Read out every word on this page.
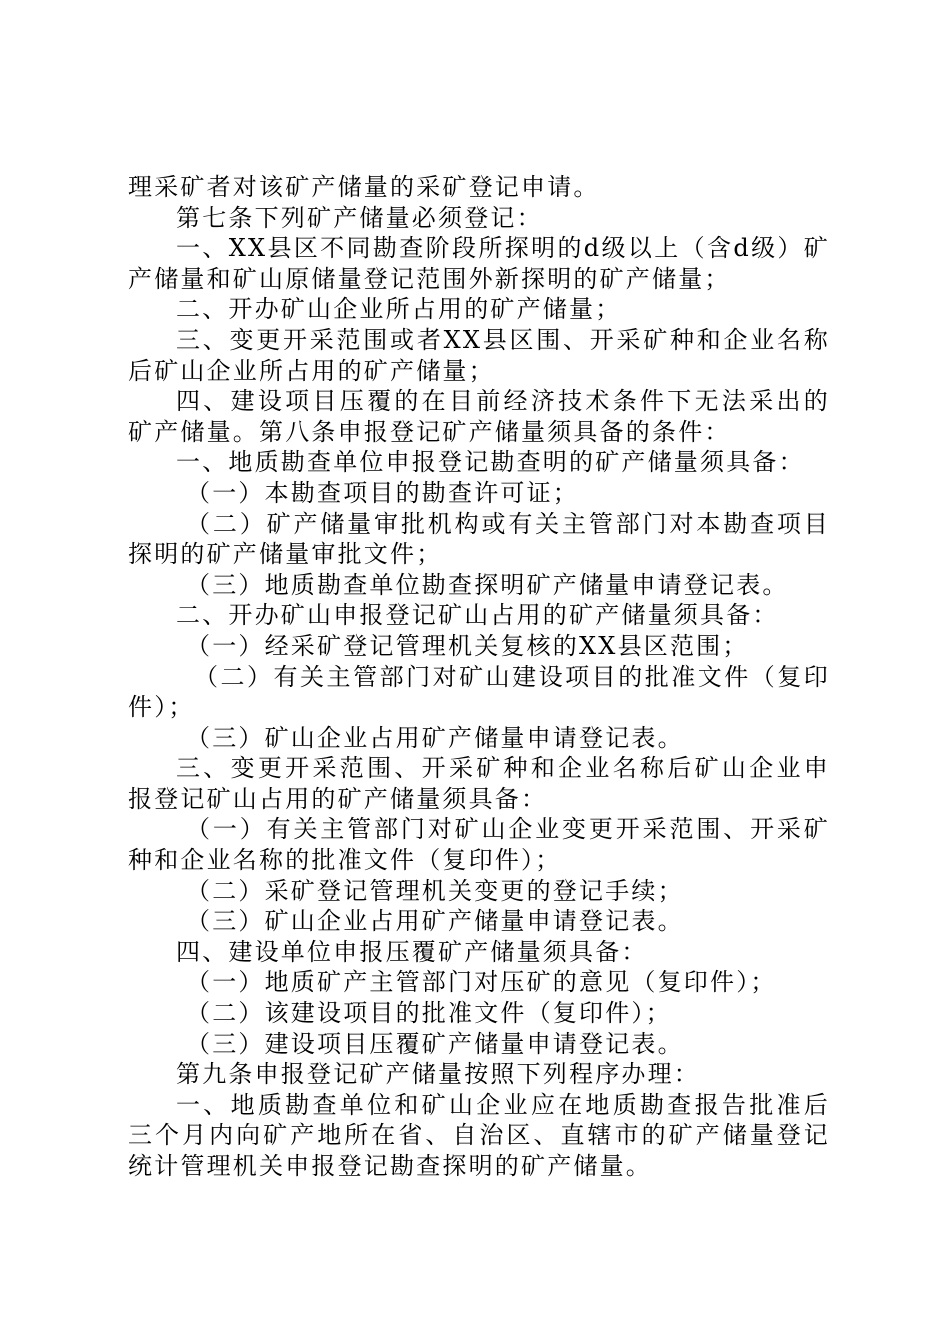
理采矿者对该矿产储量的采矿登记申请。

第七条下列矿产储量必须登记：

一、XX县区不同勘查阶段所探明的d级以上（含d级）矿产储量和矿山原储量登记范围外新探明的矿产储量；

二、开办矿山企业所占用的矿产储量；

三、变更开采范围或者XX县区围、开采矿种和企业名称后矿山企业所占用的矿产储量；

四、建设项目压覆的在目前经济技术条件下无法采出的矿产储量。第八条申报登记矿产储量须具备的条件：

一、地质勘查单位申报登记勘查明的矿产储量须具备：

（一）本勘查项目的勘查许可证；

（二）矿产储量审批机构或有关主管部门对本勘查项目探明的矿产储量审批文件；

（三）地质勘查单位勘查探明矿产储量申请登记表。

二、开办矿山申报登记矿山占用的矿产储量须具备：

（一）经采矿登记管理机关复核的XX县区范围；

（二）有关主管部门对矿山建设项目的批准文件（复印件）；

（三）矿山企业占用矿产储量申请登记表。

三、变更开采范围、开采矿种和企业名称后矿山企业申报登记矿山占用的矿产储量须具备：

（一）有关主管部门对矿山企业变更开采范围、开采矿种和企业名称的批准文件（复印件）；

（二）采矿登记管理机关变更的登记手续；

（三）矿山企业占用矿产储量申请登记表。

四、建设单位申报压覆矿产储量须具备：

（一）地质矿产主管部门对压矿的意见（复印件）；

（二）该建设项目的批准文件（复印件）；

（三）建设项目压覆矿产储量申请登记表。

第九条申报登记矿产储量按照下列程序办理：

一、地质勘查单位和矿山企业应在地质勘查报告批准后三个月内向矿产地所在省、自治区、直辖市的矿产储量登记统计管理机关申报登记勘查探明的矿产储量。
